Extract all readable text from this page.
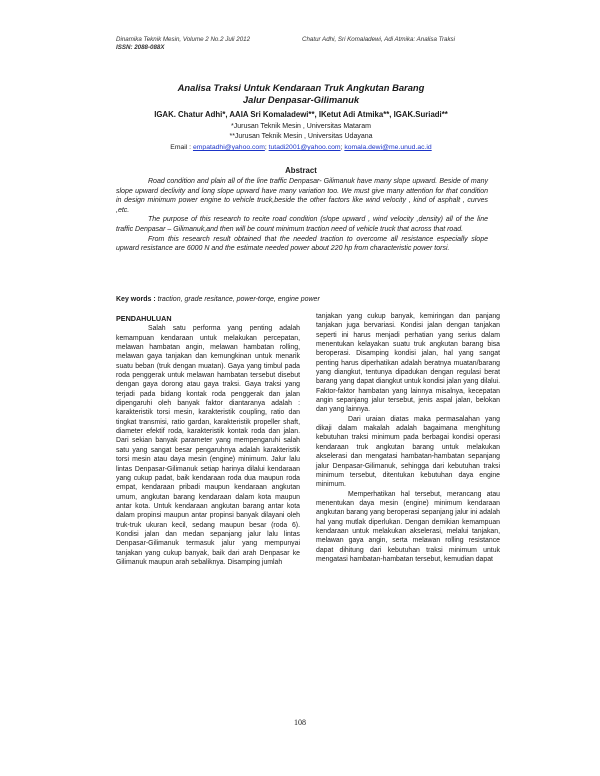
Dinamika Teknik Mesin, Volume 2 No.2 Juli 2012
ISSN: 2088-088X
Chatur Adhi, Sri Komaladewi, Adi Atmika: Analisa Traksi
Analisa Traksi Untuk Kendaraan Truk Angkutan Barang
Jalur Denpasar-Gilimanuk
IGAK. Chatur Adhi*, AAIA Sri Komaladewi**, IKetut Adi Atmika**, IGAK.Suriadi**
*Jurusan Teknik Mesin , Universitas Mataram
**Jurusan Teknik Mesin , Universitas Udayana
Email : empatadhi@yahoo.com; tutadi2001@yahoo.com; komala.dewi@me.unud.ac.id
Abstract

Road condition and plain all of the line traffic Denpasar- Gilimanuk have many slope upward. Beside of many slope upward declivity and long slope upward have many variation too. We must give many attention for that condition in design minimum power engine to vehicle truck,beside the other factors like wind velocity , kind of asphalt , curves ,etc.

The purpose of this research to recite road condition (slope upward , wind velocity ,density) all of the line traffic Denpasar – Gilimanuk,and then will be count minimum traction need of vehicle truck that across that road.

From this research result obtained that the needed traction to overcome all resistance especially slope upward resistance are 6000 N and the estimate needed power about 220 hp from characteristic power torsi.

Key words : traction, grade resitance, power-torqe, engine power
PENDAHULUAN

Salah satu performa yang penting adalah kemampuan kendaraan untuk melakukan percepatan, melawan hambatan angin, melawan hambatan rolling, melawan gaya tanjakan dan kemungkinan untuk menarik suatu beban (truk dengan muatan). Gaya yang timbul pada roda penggerak untuk melawan hambatan tersebut disebut dengan gaya dorong atau gaya traksi. Gaya traksi yang terjadi pada bidang kontak roda penggerak dan jalan dipengaruhi oleh banyak faktor diantaranya adalah : karakteristik torsi mesin, karakteristik coupling, ratio dan tingkat transmisi, ratio gardan, karakteristik propeller shaft, diameter efektif roda, karakteristik kontak roda dan jalan. Dari sekian banyak parameter yang mempengaruhi salah satu yang sangat besar pengaruhnya adalah karakteristik torsi mesin atau daya mesin (engine) minimum. Jalur lalu lintas Denpasar-Gilimanuk setiap harinya dilalui kendaraan yang cukup padat, baik kendaraan roda dua maupun roda empat, kendaraan pribadi maupun kendaraan angkutan umum, angkutan barang kendaraan dalam kota maupun antar kota. Untuk kendaraan angkutan barang antar kota dalam propinsi maupun antar propinsi banyak dilayani oleh truk-truk ukuran kecil, sedang maupun besar (roda 6). Kondisi jalan dan medan sepanjang jalur lalu lintas Denpasar-Gilimanuk termasuk jalur yang mempunyai tanjakan yang cukup banyak, baik dari arah Denpasar ke Gilimanuk maupun arah sebaliknya. Disamping jumlah

tanjakan yang cukup banyak, kemiringan dan panjang tanjakan juga bervariasi. Kondisi jalan dengan tanjakan seperti ini harus menjadi perhatian yang serius dalam menentukan kelayakan suatu truk angkutan barang bisa beroperasi. Disamping kondisi jalan, hal yang sangat penting harus diperhatikan adalah beratnya muatan/barang yang diangkut, tentunya dipadukan dengan regulasi berat barang yang dapat diangkut untuk kondisi jalan yang dilalui. Faktor-faktor hambatan yang lainnya misalnya, kecepatan angin sepanjang jalur tersebut, jenis aspal jalan, belokan dan yang lainnya.

Dari uraian diatas maka permasalahan yang dikaji dalam makalah adalah bagaimana menghitung kebutuhan traksi minimum pada berbagai kondisi operasi kendaraan truk angkutan barang untuk melakukan akselerasi dan mengatasi hambatan-hambatan sepanjang jalur Denpasar-Gilimanuk, sehingga dari kebutuhan traksi minimum tersebut, ditentukan kebutuhan daya engine minimum.

Memperhatikan hal tersebut, merancang atau menentukan daya mesin (engine) minimum kendaraan angkutan barang yang beroperasi sepanjang jalur ini adalah hal yang mutlak diperlukan. Dengan demikian kemampuan kendaraan untuk melakukan akselerasi, melalui tanjakan, melawan gaya angin, serta melawan rolling resistance dapat dihitung dari kebutuhan traksi minimum untuk mengatasi hambatan-hambatan tersebut, kemudian dapat

108
